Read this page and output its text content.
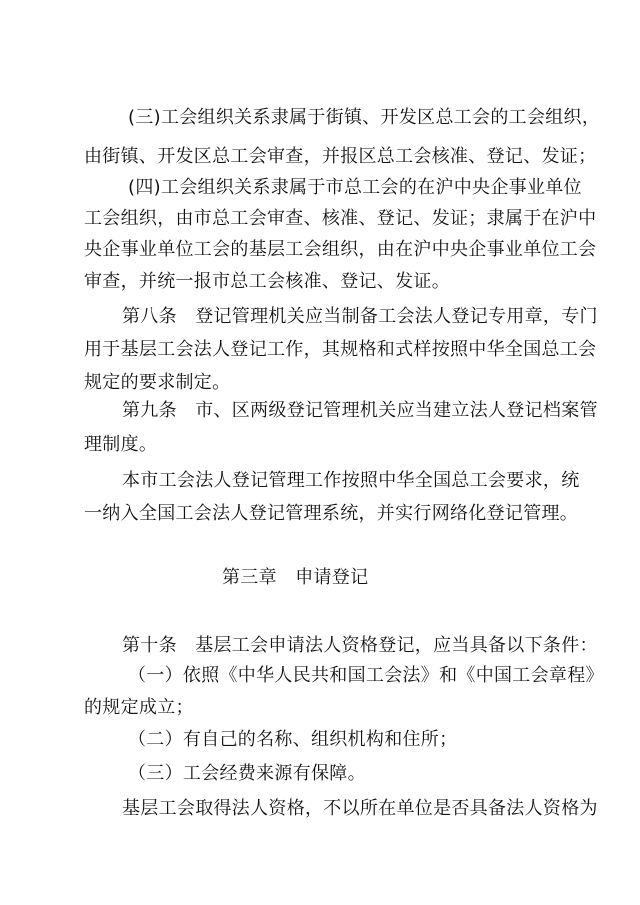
(三)工会组织关系隶属于街镇、开发区总工会的工会组织，
由街镇、开发区总工会审查，并报区总工会核准、登记、发证；
(四)工会组织关系隶属于市总工会的在沪中央企事业单位
工会组织，由市总工会审查、核准、登记、发证；隶属于在沪中
央企事业单位工会的基层工会组织，由在沪中央企事业单位工会
审查，并统一报市总工会核准、登记、发证。
第八条　登记管理机关应当制备工会法人登记专用章，专门
用于基层工会法人登记工作，其规格和式样按照中华全国总工会
规定的要求制定。
第九条　市、区两级登记管理机关应当建立法人登记档案管
理制度。
本市工会法人登记管理工作按照中华全国总工会要求，统
一纳入全国工会法人登记管理系统，并实行网络化登记管理。
第三章　申请登记
第十条　基层工会申请法人资格登记，应当具备以下条件：
（一）依照《中华人民共和国工会法》和《中国工会章程》
的规定成立；
（二）有自己的名称、组织机构和住所；
（三）工会经费来源有保障。
基层工会取得法人资格，不以所在单位是否具备法人资格为
